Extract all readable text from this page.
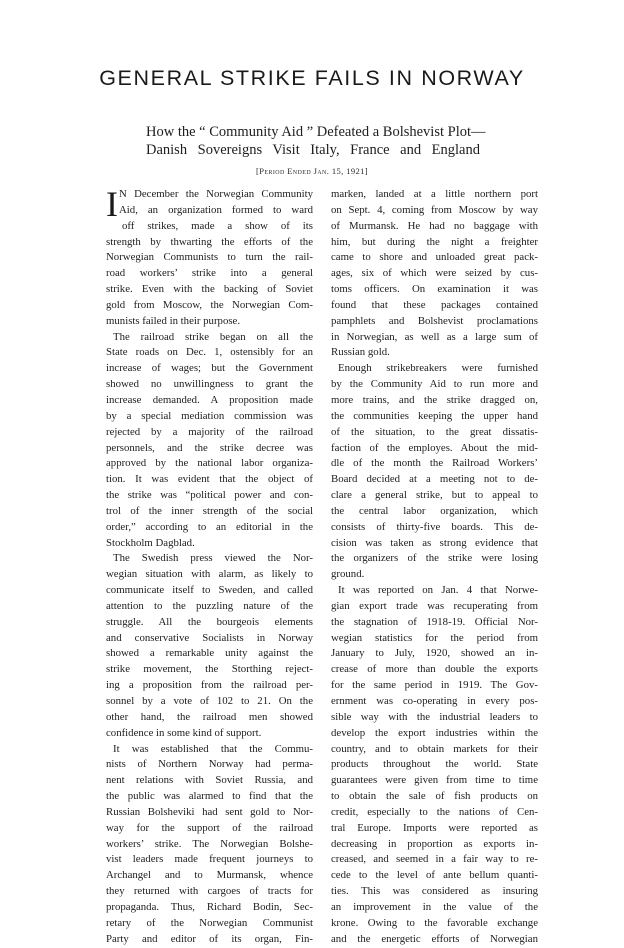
GENERAL STRIKE FAILS IN NORWAY

How the “ Community Aid ” Defeated a Bolshevist Plot—

Danish Sovereigns Visit Italy, France and England

[Period Ended Jan. 15, 1921]

I N December the Norwegian Community
Aid, an organization formed to ward
off strikes, made a show of its
strength by thwarting the efforts of the
Norwegian Communists to turn the rail-
road workers’ strike into a general
strike. Even with the backing of Soviet
gold from Moscow, the Norwegian Com-
munists failed in their purpose.
The railroad strike began on all the
State roads on Dec. 1, ostensibly for an
increase of wages; but the Government
showed no unwillingness to grant the
increase demanded. A proposition made
by a special mediation commission was
rejected by a majority of the railroad
personnels, and the strike decree was
approved by the national labor organiza-
tion. It was evident that the object of
the strike was “political power and con-
trol of the inner strength of the social
order,” according to an editorial in the
Stockholm Dagblad.
The Swedish press viewed the Nor-
wegian situation with alarm, as likely to
communicate itself to Sweden, and called
attention to the puzzling nature of the
struggle. All the bourgeois elements
and conservative Socialists in Norway
showed a remarkable unity against the
strike movement, the Storthing reject-
ing a proposition from the railroad per-
sonnel by a vote of 102 to 21. On the
other hand, the railroad men showed
confidence in some kind of support.
It was established that the Commu-
nists of Northern Norway had perma-
nent relations with Soviet Russia, and
the public was alarmed to find that the
Russian Bolsheviki had sent gold to Nor-
way for the support of the railroad
workers’ strike. The Norwegian Bolshe-
vist leaders made frequent journeys to
Archangel and to Murmansk, whence
they returned with cargoes of tracts for
propaganda. Thus, Richard Bodin, Sec-
retary of the Norwegian Communist
Party and editor of its organ, Fin-
marken, landed at a little northern port
on Sept. 4, coming from Moscow by way
of Murmansk. He had no baggage with
him, but during the night a freighter
came to shore and unloaded great pack-
ages, six of which were seized by cus-
toms officers. On examination it was
found that these packages contained
pamphlets and Bolshevist proclamations
in Norwegian, as well as a large sum of
Russian gold.
Enough strikebreakers were furnished
by the Community Aid to run more and
more trains, and the strike dragged on,
the communities keeping the upper hand
of the situation, to the great dissatis-
faction of the employes. About the mid-
dle of the month the Railroad Workers’
Board decided at a meeting not to de-
clare a general strike, but to appeal to
the central labor organization, which
consists of thirty-five boards. This de-
cision was taken as strong evidence that
the organizers of the strike were losing
ground.
It was reported on Jan. 4 that Norwe-
gian export trade was recuperating from
the stagnation of 1918-19. Official Nor-
wegian statistics for the period from
January to July, 1920, showed an in-
crease of more than double the exports
for the same period in 1919. The Gov-
ernment was co-operating in every pos-
sible way with the industrial leaders to
develop the export industries within the
country, and to obtain markets for their
products throughout the world. State
guarantees were given from time to time
to obtain the sale of fish products on
credit, especially to the nations of Cen-
tral Europe. Imports were reported as
decreasing in proportion as exports in-
creased, and seemed in a fair way to re-
cede to the level of ante bellum quanti-
ties. This was considered as insuring
an improvement in the value of the
krone. Owing to the favorable exchange
and the energetic efforts of Norwegian
